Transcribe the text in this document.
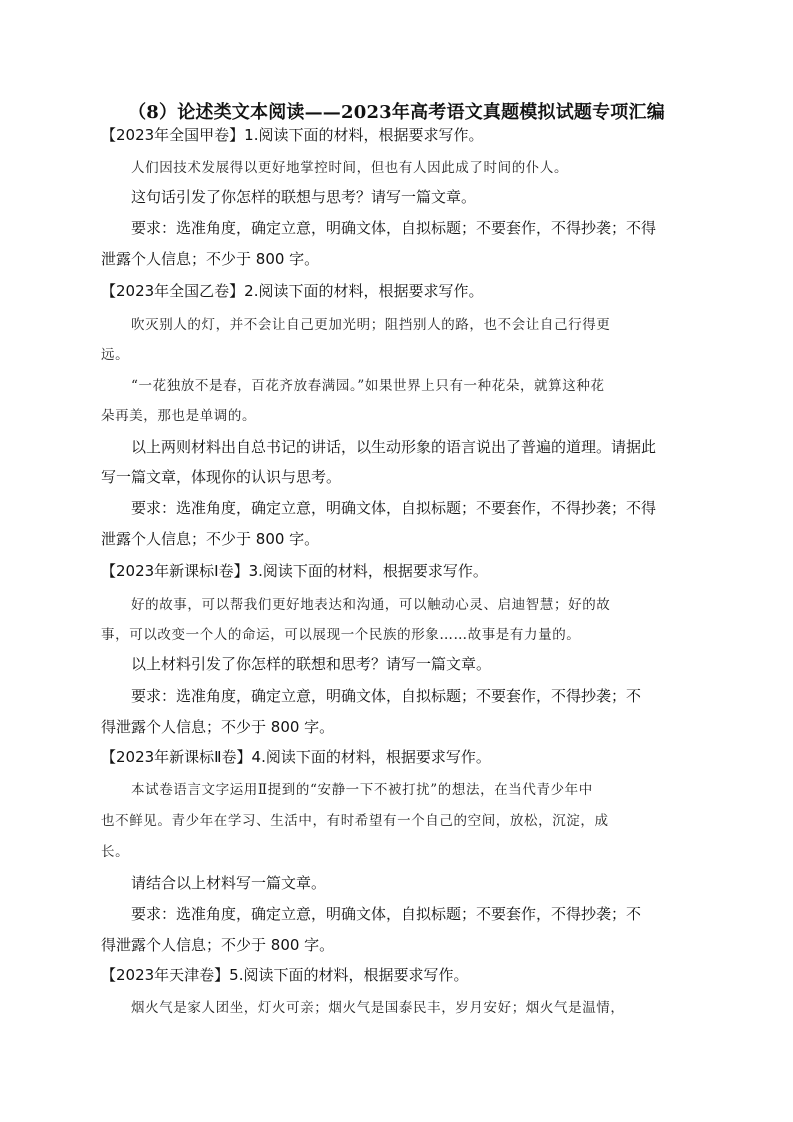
（8）论述类文本阅读——2023年高考语文真题模拟试题专项汇编
【2023年全国甲卷】1.阅读下面的材料，根据要求写作。
人们因技术发展得以更好地掌控时间，但也有人因此成了时间的仆人。
这句话引发了你怎样的联想与思考？请写一篇文章。
要求：选准角度，确定立意，明确文体，自拟标题；不要套作，不得抄袭；不得
泄露个人信息；不少于 800 字。
【2023年全国乙卷】2.阅读下面的材料，根据要求写作。
吹灭别人的灯，并不会让自己更加光明；阻挡别人的路，也不会让自己行得更
远。
“一花独放不是春，百花齐放春满园。”如果世界上只有一种花朵，就算这种花
朵再美，那也是单调的。
以上两则材料出自总书记的讲话，以生动形象的语言说出了普遍的道理。请据此
写一篇文章，体现你的认识与思考。
要求：选准角度，确定立意，明确文体，自拟标题；不要套作，不得抄袭；不得
泄露个人信息；不少于 800 字。
【2023年新课标Ⅰ卷】3.阅读下面的材料，根据要求写作。
好的故事，可以帮我们更好地表达和沟通，可以触动心灵、启迪智慧；好的故
事，可以改变一个人的命运，可以展现一个民族的形象……故事是有力量的。
以上材料引发了你怎样的联想和思考？请写一篇文章。
要求：选准角度，确定立意，明确文体，自拟标题；不要套作，不得抄袭；不
得泄露个人信息；不少于 800 字。
【2023年新课标Ⅱ卷】4.阅读下面的材料，根据要求写作。
本试卷语言文字运用Ⅱ提到的“安静一下不被打扰”的想法，在当代青少年中
也不鲜见。青少年在学习、生活中，有时希望有一个自己的空间，放松，沉淀，成
长。
请结合以上材料写一篇文章。
要求：选准角度，确定立意，明确文体，自拟标题；不要套作，不得抄袭；不
得泄露个人信息；不少于 800 字。
【2023年天津卷】5.阅读下面的材料，根据要求写作。
烟火气是家人团坐，灯火可亲；烟火气是国泰民丰，岁月安好；烟火气是温情，
